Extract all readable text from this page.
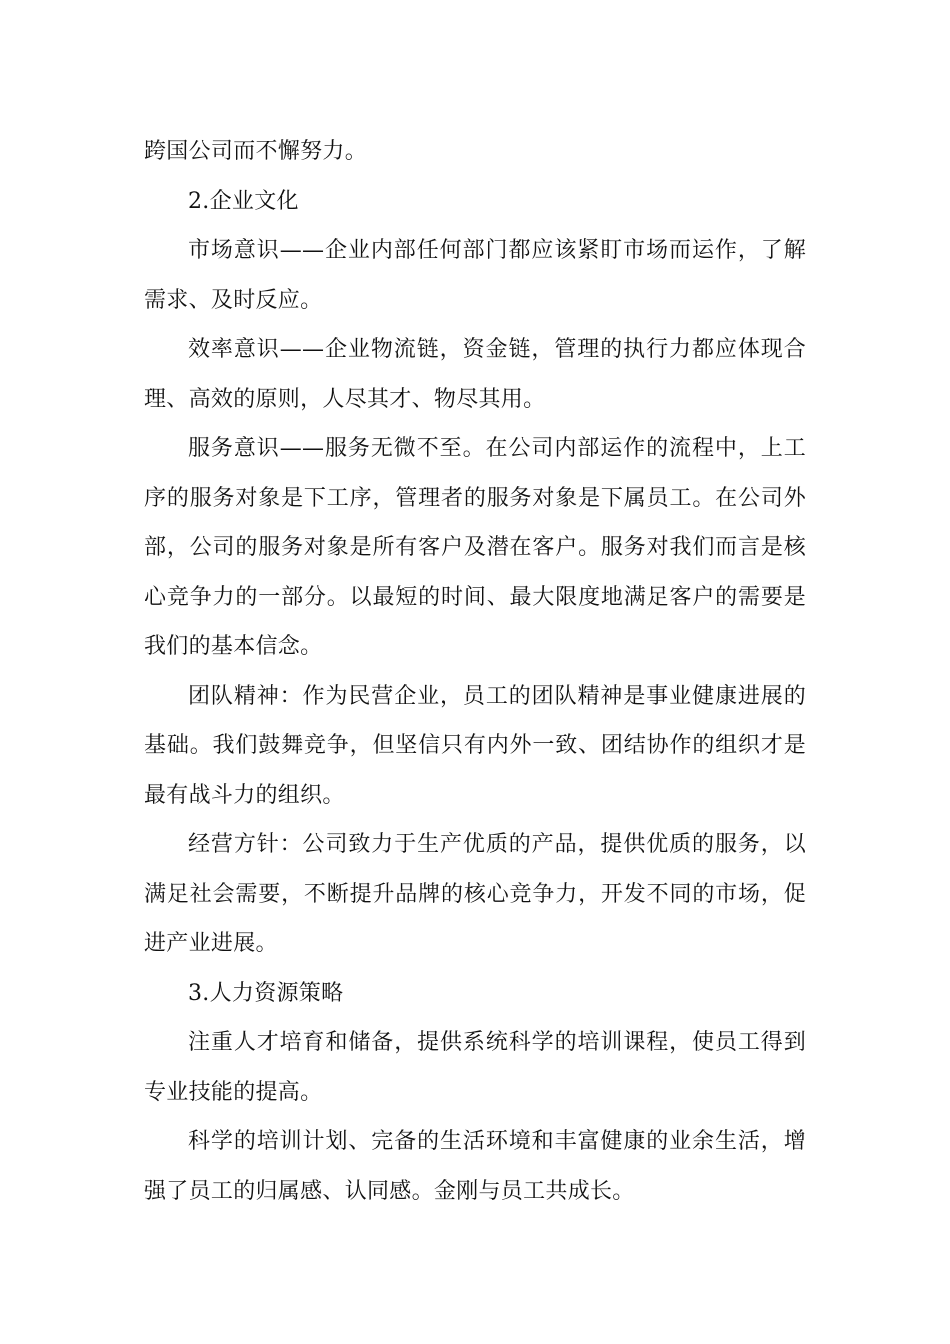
跨国公司而不懈努力。

2.企业文化

市场意识——企业内部任何部门都应该紧盯市场而运作，了解需求、及时反应。

效率意识——企业物流链，资金链，管理的执行力都应体现合理、高效的原则，人尽其才、物尽其用。

服务意识——服务无微不至。在公司内部运作的流程中，上工序的服务对象是下工序，管理者的服务对象是下属员工。在公司外部，公司的服务对象是所有客户及潜在客户。服务对我们而言是核心竞争力的一部分。以最短的时间、最大限度地满足客户的需要是我们的基本信念。

团队精神：作为民营企业，员工的团队精神是事业健康进展的基础。我们鼓舞竞争，但坚信只有内外一致、团结协作的组织才是最有战斗力的组织。

经营方针：公司致力于生产优质的产品，提供优质的服务，以满足社会需要，不断提升品牌的核心竞争力，开发不同的市场，促进产业进展。

3.人力资源策略

注重人才培育和储备，提供系统科学的培训课程，使员工得到专业技能的提高。

科学的培训计划、完备的生活环境和丰富健康的业余生活，增强了员工的归属感、认同感。金刚与员工共成长。
